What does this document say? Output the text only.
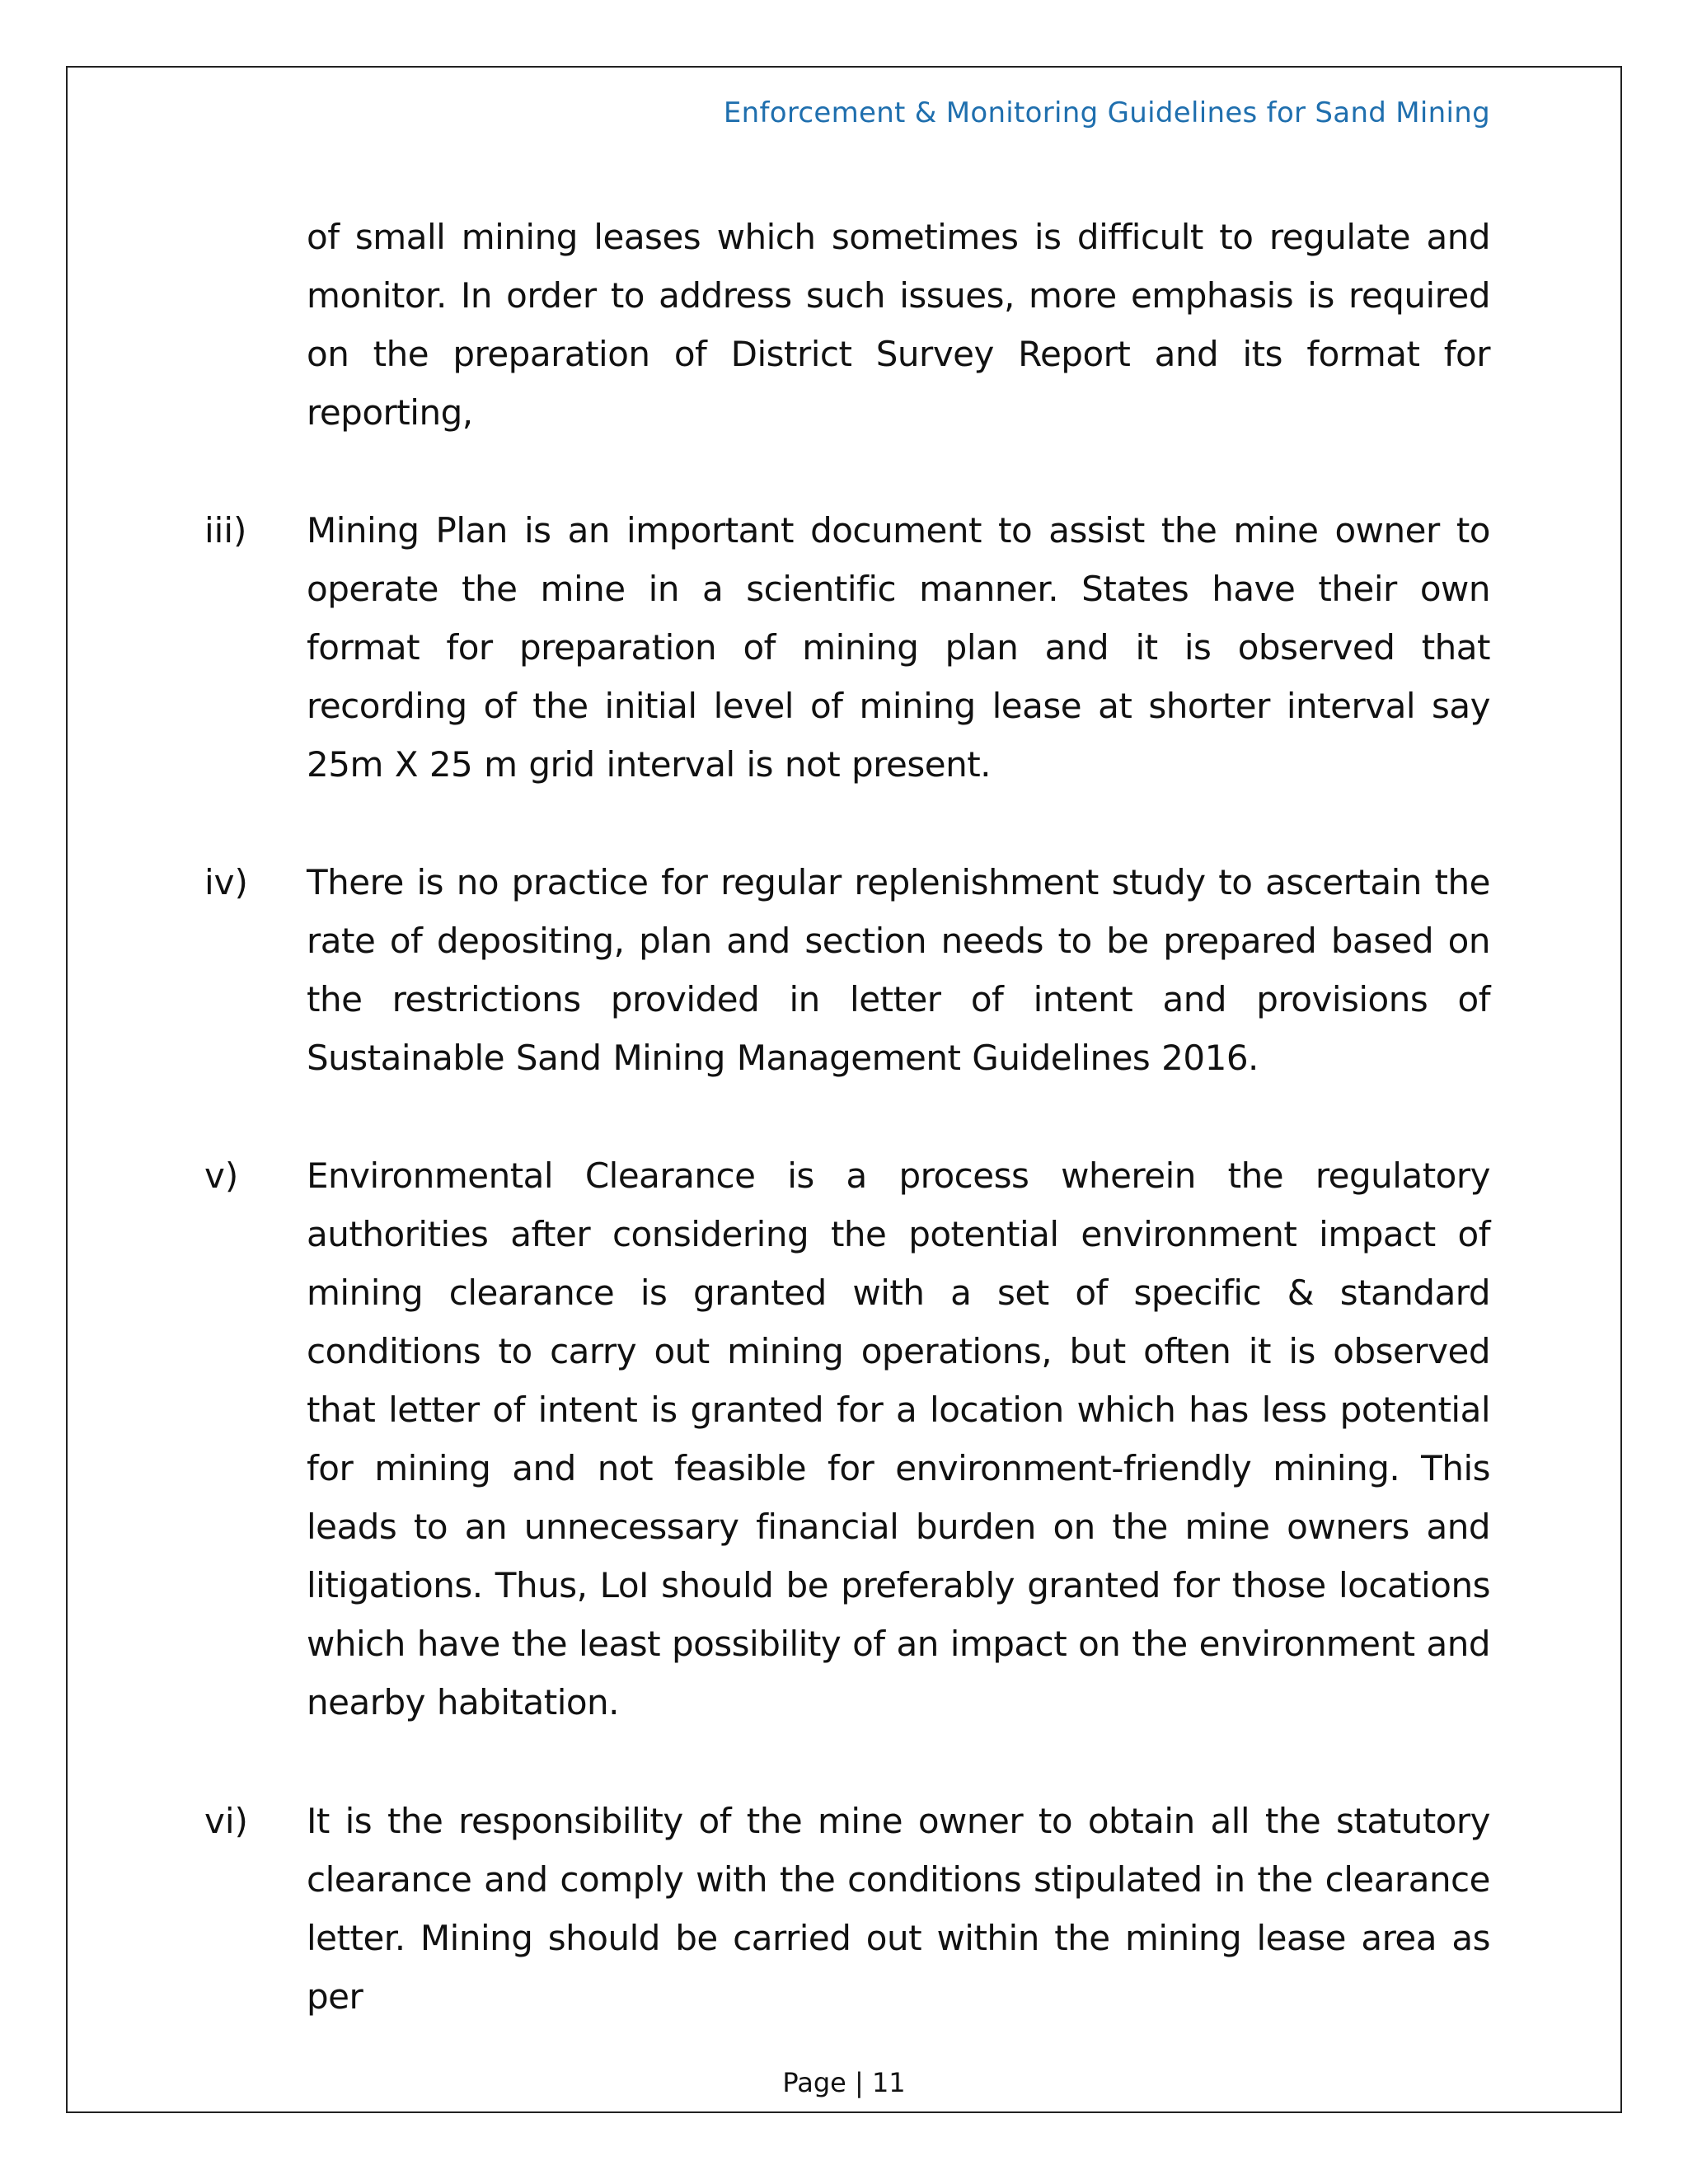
Enforcement & Monitoring Guidelines for Sand Mining
of small mining leases which sometimes is difficult to regulate and monitor. In order to address such issues, more emphasis is required on the preparation of District Survey Report and its format for reporting,
iii) Mining Plan is an important document to assist the mine owner to operate the mine in a scientific manner. States have their own format for preparation of mining plan and it is observed that recording of the initial level of mining lease at shorter interval say 25m X 25 m grid interval is not present.
iv) There is no practice for regular replenishment study to ascertain the rate of depositing, plan and section needs to be prepared based on the restrictions provided in letter of intent and provisions of Sustainable Sand Mining Management Guidelines 2016.
v) Environmental Clearance is a process wherein the regulatory authorities after considering the potential environment impact of mining clearance is granted with a set of specific & standard conditions to carry out mining operations, but often it is observed that letter of intent is granted for a location which has less potential for mining and not feasible for environment-friendly mining. This leads to an unnecessary financial burden on the mine owners and litigations. Thus, LoI should be preferably granted for those locations which have the least possibility of an impact on the environment and nearby habitation.
vi) It is the responsibility of the mine owner to obtain all the statutory clearance and comply with the conditions stipulated in the clearance letter. Mining should be carried out within the mining lease area as per
Page | 11
